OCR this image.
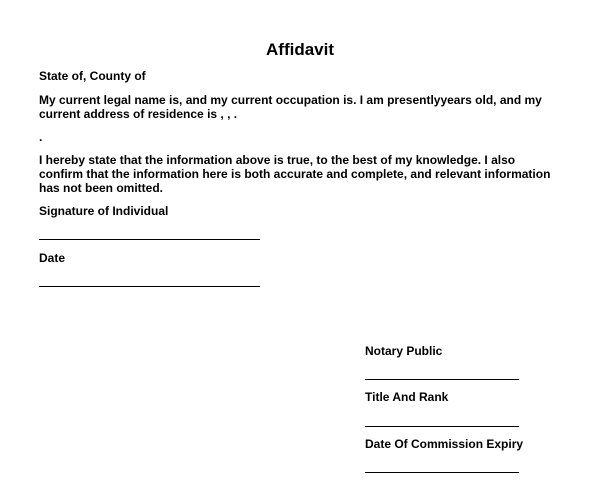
Affidavit
State of, County of
My current legal name is, and my current occupation is. I am presentlyyears old, and my current address of residence is , , .
.
I hereby state that the information above is true, to the best of my knowledge. I also confirm that the information here is both accurate and complete, and relevant information has not been omitted.
Signature of Individual
Date
Notary Public
Title And Rank
Date Of Commission Expiry
